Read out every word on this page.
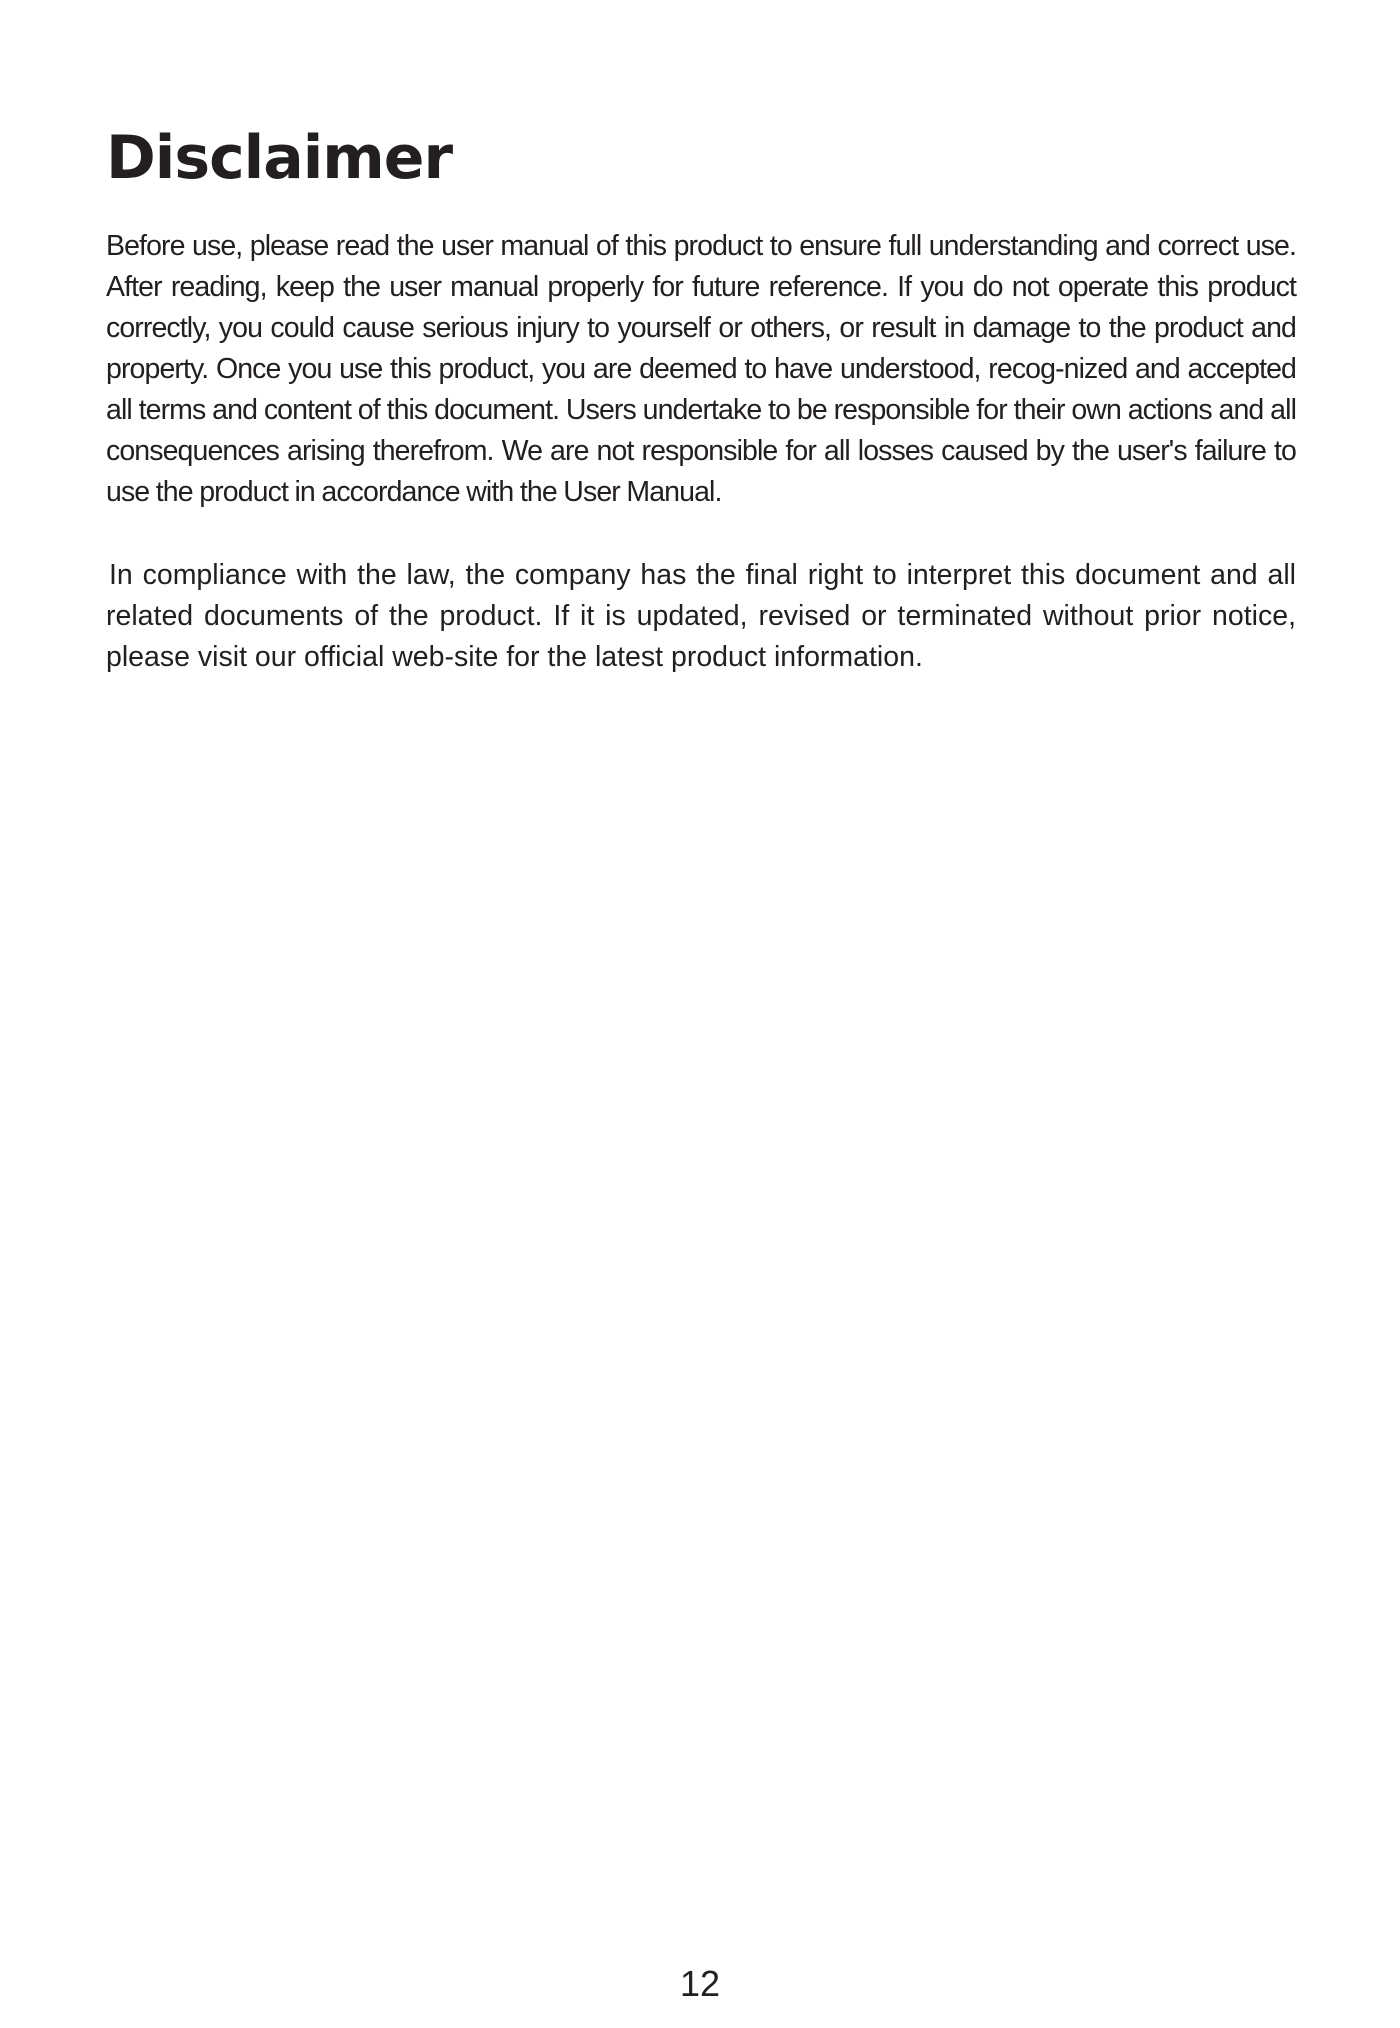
Disclaimer

Before use, please read the user manual of this product to ensure full understanding and correct use. After reading, keep the user manual properly for future reference. If you do not operate this product correctly, you could cause serious injury to yourself or others, or result in damage to the product and property. Once you use this product, you are deemed to have understood, recog-nized and accepted all terms and content of this document. Users undertake to be responsible for their own actions and all consequences arising therefrom. We are not responsible for all losses caused by the user's failure to use the product in accordance with the User Manual.

In compliance with the law, the company has the final right to interpret this document and all related documents of the product. If it is updated, revised or terminated without prior notice, please visit our official web-site for the latest product information.

12
